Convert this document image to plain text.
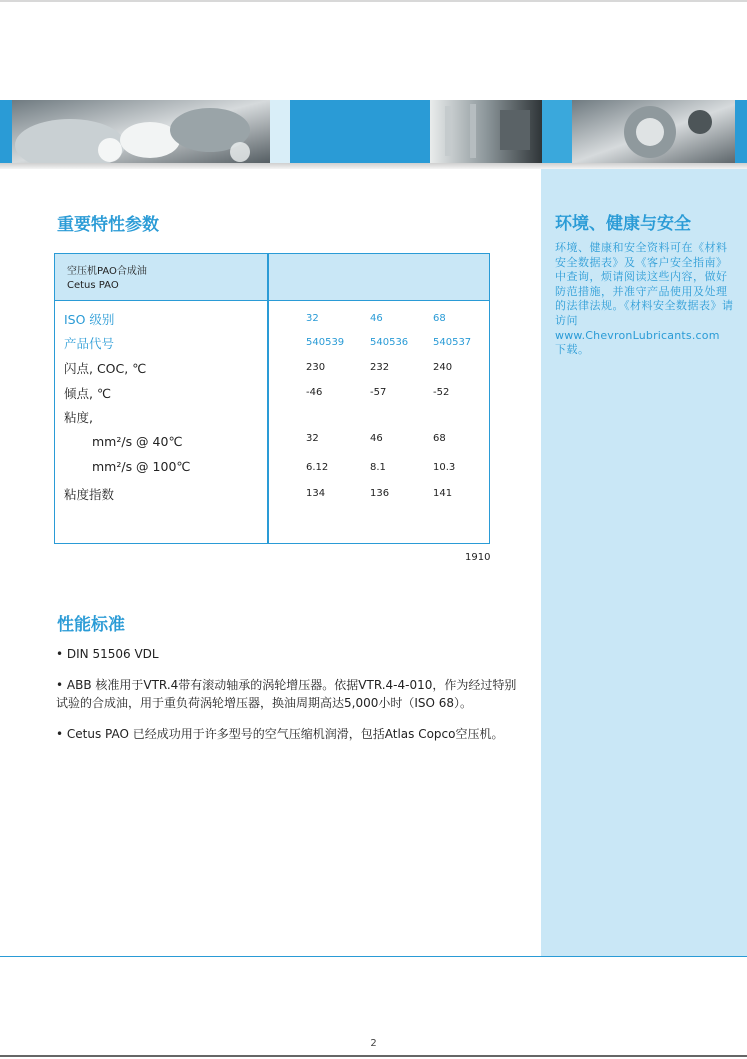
环境、健康与安全
环境、健康和安全资料可在《材料安全数据表》及《客户安全指南》中查询，烦请阅读这些内容，做好防范措施，并准守产品使用及处理的法律法规。《材料安全数据表》请访问
www.ChevronLubricants.com
下载。
重要特性参数
空压机PAO合成油
Cetus PAO
ISO 级别	32	46	68
产品代号	540539	540536 540537
闪点, COC, ℃	230	232	240
倾点, ℃	-46	-57	-52
粘度,
mm²/s @ 40℃	32	46	68
mm²/s @ 100℃	6.12	8.1	10.3
粘度指数	134	136	141
1910
性能标准
• DIN 51506 VDL
• ABB 核准用于VTR.4带有滚动轴承的涡轮增压器。依据VTR.4-4-010，作为经过特别试验的合成油，用于重负荷涡轮增压器，换油周期高达5,000小时（ISO 68）。
• Cetus PAO 已经成功用于许多型号的空气压缩机润滑，包括Atlas Copco空压机。
2
